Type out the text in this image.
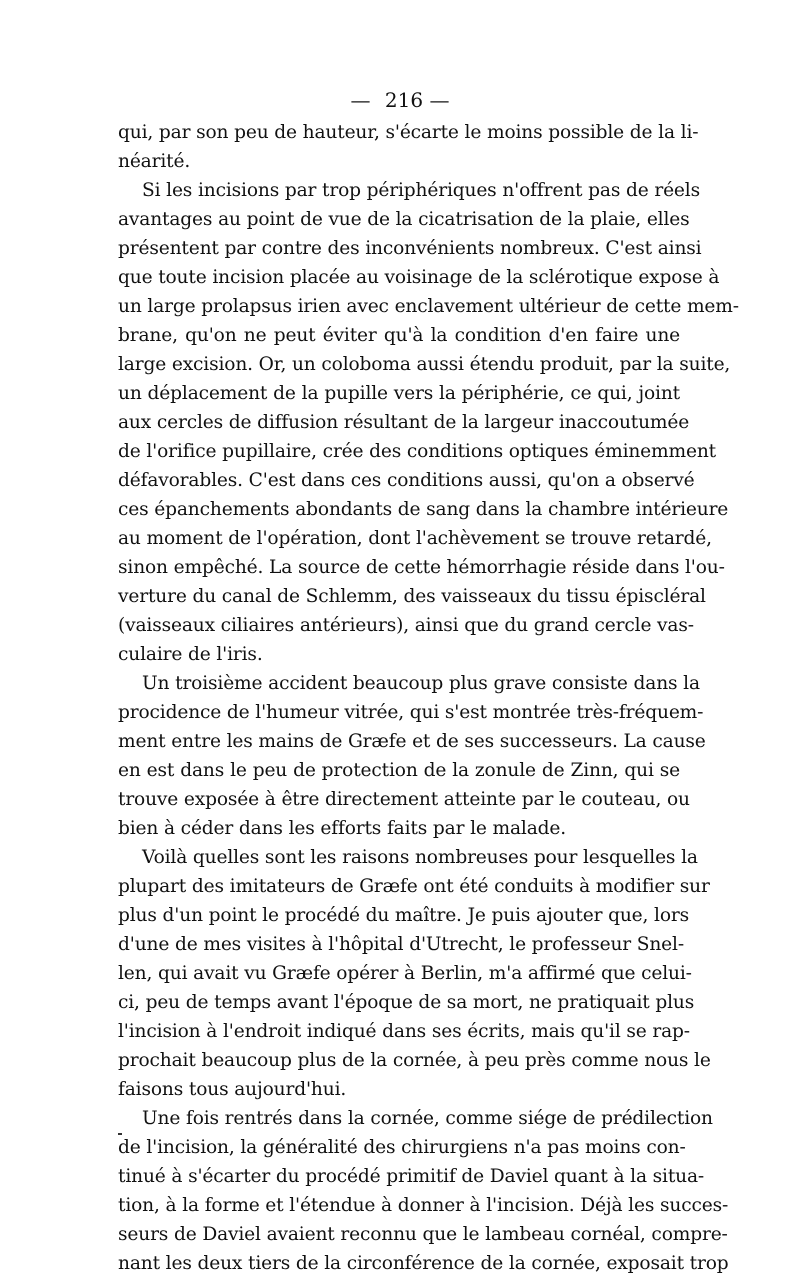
— 216 —
qui, par son peu de hauteur, s'écarte le moins possible de la li-
néarité.
Si les incisions par trop périphériques n'offrent pas de réels
avantages au point de vue de la cicatrisation de la plaie, elles
présentent par contre des inconvénients nombreux. C'est ainsi
que toute incision placée au voisinage de la sclérotique expose à
un large prolapsus irien avec enclavement ultérieur de cette mem-
brane, qu'on ne peut éviter qu'à la condition d'en faire une
large excision. Or, un coloboma aussi étendu produit, par la suite,
un déplacement de la pupille vers la périphérie, ce qui, joint
aux cercles de diffusion résultant de la largeur inaccoutumée
de l'orifice pupillaire, crée des conditions optiques éminemment
défavorables. C'est dans ces conditions aussi, qu'on a observé
ces épanchements abondants de sang dans la chambre intérieure
au moment de l'opération, dont l'achèvement se trouve retardé,
sinon empêché. La source de cette hémorrhagie réside dans l'ou-
verture du canal de Schlemm, des vaisseaux du tissu épiscléral
(vaisseaux ciliaires antérieurs), ainsi que du grand cercle vas-
culaire de l'iris.
Un troisième accident beaucoup plus grave consiste dans la
procidence de l'humeur vitrée, qui s'est montrée très-fréquem-
ment entre les mains de Græfe et de ses successeurs. La cause
en est dans le peu de protection de la zonule de Zinn, qui se
trouve exposée à être directement atteinte par le couteau, ou
bien à céder dans les efforts faits par le malade.
Voilà quelles sont les raisons nombreuses pour lesquelles la
plupart des imitateurs de Græfe ont été conduits à modifier sur
plus d'un point le procédé du maître. Je puis ajouter que, lors
d'une de mes visites à l'hôpital d'Utrecht, le professeur Snel-
len, qui avait vu Græfe opérer à Berlin, m'a affirmé que celui-
ci, peu de temps avant l'époque de sa mort, ne pratiquait plus
l'incision à l'endroit indiqué dans ses écrits, mais qu'il se rap-
prochait beaucoup plus de la cornée, à peu près comme nous le
faisons tous aujourd'hui.
Une fois rentrés dans la cornée, comme siége de prédilection
de l'incision, la généralité des chirurgiens n'a pas moins con-
tinué à s'écarter du procédé primitif de Daviel quant à la situa-
tion, à la forme et l'étendue à donner à l'incision. Déjà les succes-
seurs de Daviel avaient reconnu que le lambeau cornéal, compre-
nant les deux tiers de la circonférence de la cornée, exposait trop
